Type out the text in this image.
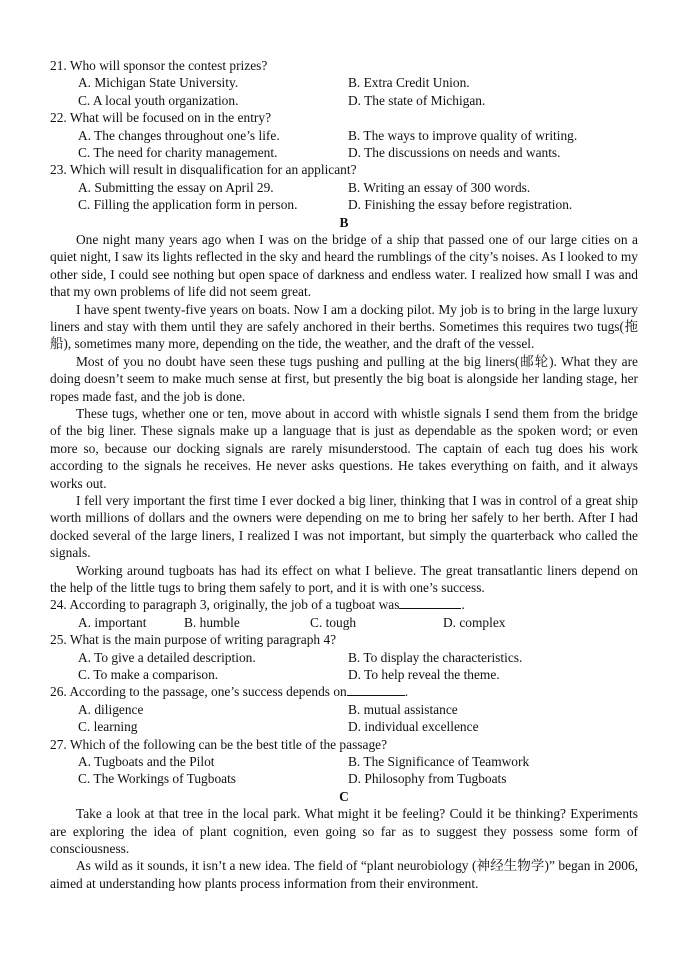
21. Who will sponsor the contest prizes?
A. Michigan State University.	B. Extra Credit Union.
C. A local youth organization.	D. The state of Michigan.
22. What will be focused on in the entry?
A. The changes throughout one’s life.	B. The ways to improve quality of writing.
C. The need for charity management.	D. The discussions on needs and wants.
23. Which will result in disqualification for an applicant?
A. Submitting the essay on April 29.	B. Writing an essay of 300 words.
C. Filling the application form in person.	D. Finishing the essay before registration.
B

One night many years ago when I was on the bridge of a ship that passed one of our large cities on a quiet night, I saw its lights reflected in the sky and heard the rumblings of the city’s noises. As I looked to my other side, I could see nothing but open space of darkness and endless water. I realized how small I was and that my own problems of life did not seem great.

I have spent twenty-five years on boats. Now I am a docking pilot. My job is to bring in the large luxury liners and stay with them until they are safely anchored in their berths. Sometimes this requires two tugs(拖船), sometimes many more, depending on the tide, the weather, and the draft of the vessel.

Most of you no doubt have seen these tugs pushing and pulling at the big liners(邮轮). What they are doing doesn’t seem to make much sense at first, but presently the big boat is alongside her landing stage, her ropes made fast, and the job is done.

These tugs, whether one or ten, move about in accord with whistle signals I send them from the bridge of the big liner. These signals make up a language that is just as dependable as the spoken word; or even more so, because our docking signals are rarely misunderstood. The captain of each tug does his work according to the signals he receives. He never asks questions. He takes everything on faith, and it always works out.

I fell very important the first time I ever docked a big liner, thinking that I was in control of a great ship worth millions of dollars and the owners were depending on me to bring her safely to her berth. After I had docked several of the large liners, I realized I was not important, but simply the quarterback who called the signals.

Working around tugboats has had its effect on what I believe. The great transatlantic liners depend on the help of the little tugs to bring them safely to port, and it is with one’s success.

24. According to paragraph 3, originally, the job of a tugboat was	.
A. important	B. humble	C. tough	D. complex
25. What is the main purpose of writing paragraph 4?
A. To give a detailed description.	B. To display the characteristics.
C. To make a comparison.	D. To help reveal the theme.
26. According to the passage, one’s success depends on	.
A. diligence	B. mutual assistance
C. learning	D. individual excellence
27. Which of the following can be the best title of the passage?
A. Tugboats and the Pilot	B. The Significance of Teamwork
C. The Workings of Tugboats	D. Philosophy from Tugboats
C

Take a look at that tree in the local park. What might it be feeling? Could it be thinking? Experiments are exploring the idea of plant cognition, even going so far as to suggest they possess some form of consciousness.

As wild as it sounds, it isn’t a new idea. The field of “plant neurobiology (神经生物学)” began in 2006, aimed at understanding how plants process information from their environment.
